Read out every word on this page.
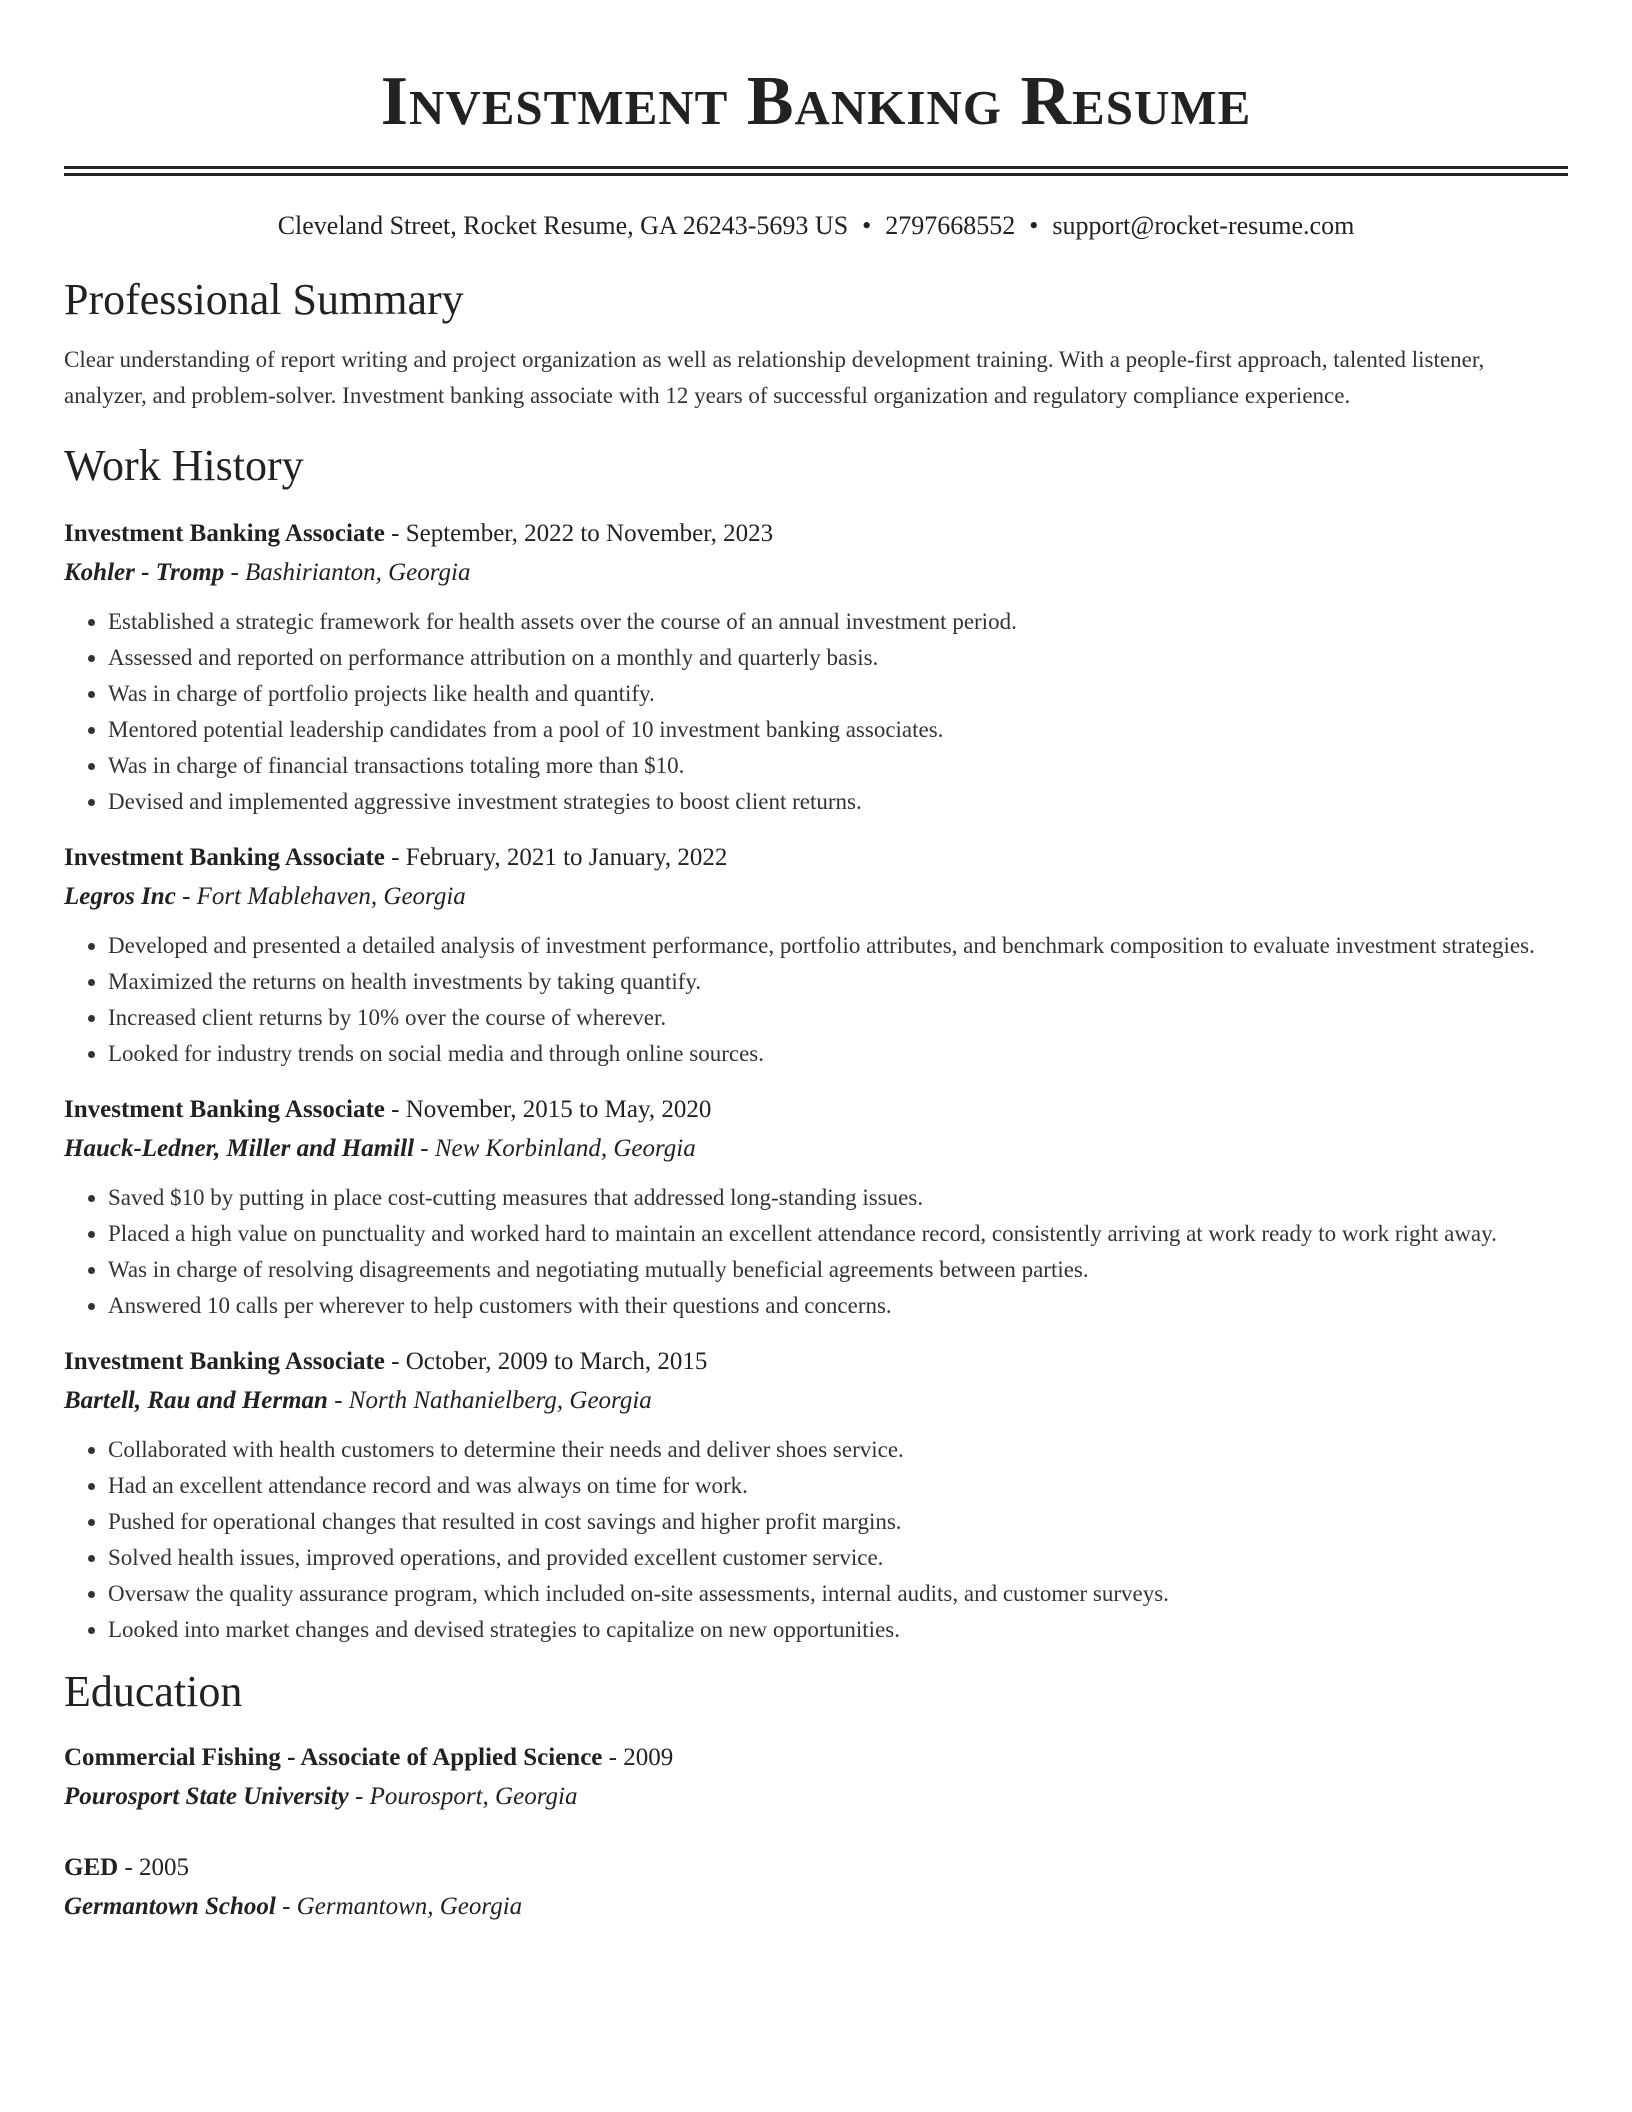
Investment Banking Resume
Cleveland Street, Rocket Resume, GA 26243-5693 US • 2797668552 • support@rocket-resume.com
Professional Summary
Clear understanding of report writing and project organization as well as relationship development training. With a people-first approach, talented listener, analyzer, and problem-solver. Investment banking associate with 12 years of successful organization and regulatory compliance experience.
Work History
Investment Banking Associate - September, 2022 to November, 2023
Kohler - Tromp - Bashirianton, Georgia
• Established a strategic framework for health assets over the course of an annual investment period.
• Assessed and reported on performance attribution on a monthly and quarterly basis.
• Was in charge of portfolio projects like health and quantify.
• Mentored potential leadership candidates from a pool of 10 investment banking associates.
• Was in charge of financial transactions totaling more than $10.
• Devised and implemented aggressive investment strategies to boost client returns.
Investment Banking Associate - February, 2021 to January, 2022
Legros Inc - Fort Mablehaven, Georgia
• Developed and presented a detailed analysis of investment performance, portfolio attributes, and benchmark composition to evaluate investment strategies.
• Maximized the returns on health investments by taking quantify.
• Increased client returns by 10% over the course of wherever.
• Looked for industry trends on social media and through online sources.
Investment Banking Associate - November, 2015 to May, 2020
Hauck-Ledner, Miller and Hamill - New Korbinland, Georgia
• Saved $10 by putting in place cost-cutting measures that addressed long-standing issues.
• Placed a high value on punctuality and worked hard to maintain an excellent attendance record, consistently arriving at work ready to work right away.
• Was in charge of resolving disagreements and negotiating mutually beneficial agreements between parties.
• Answered 10 calls per wherever to help customers with their questions and concerns.
Investment Banking Associate - October, 2009 to March, 2015
Bartell, Rau and Herman - North Nathanielberg, Georgia
• Collaborated with health customers to determine their needs and deliver shoes service.
• Had an excellent attendance record and was always on time for work.
• Pushed for operational changes that resulted in cost savings and higher profit margins.
• Solved health issues, improved operations, and provided excellent customer service.
• Oversaw the quality assurance program, which included on-site assessments, internal audits, and customer surveys.
• Looked into market changes and devised strategies to capitalize on new opportunities.
Education
Commercial Fishing - Associate of Applied Science - 2009
Pourosport State University - Pourosport, Georgia
GED - 2005
Germantown School - Germantown, Georgia
